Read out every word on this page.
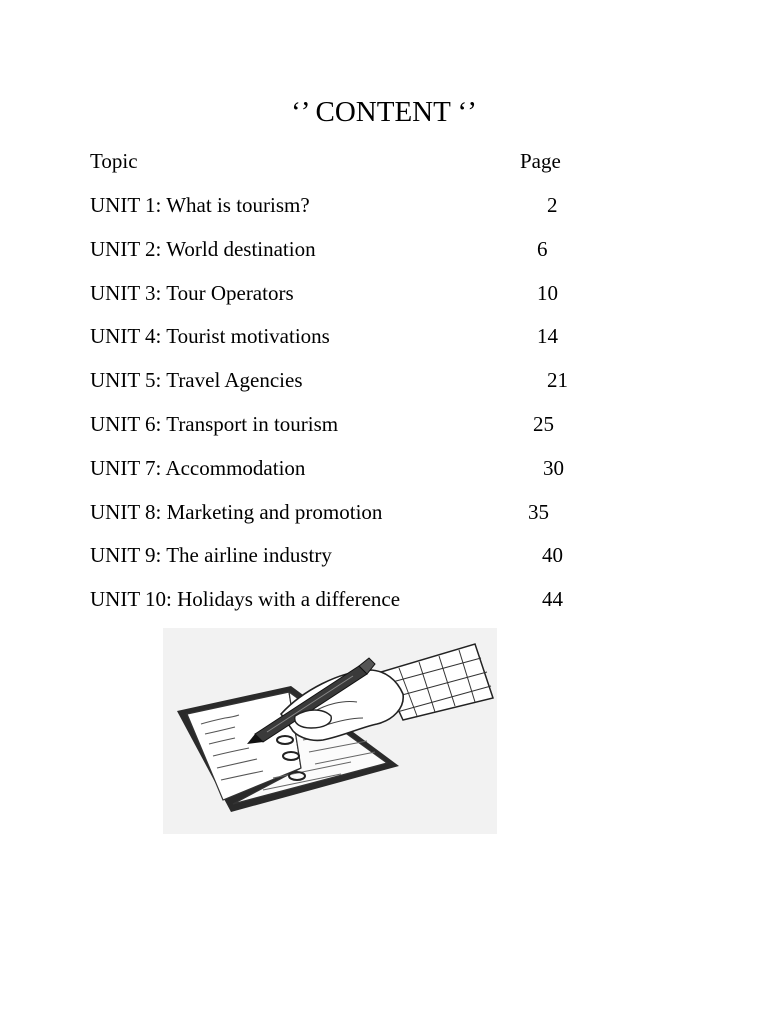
‘’ CONTENT ‘’
Topic	Page
UNIT 1: What is tourism?	2
UNIT 2: World destination	6
UNIT 3: Tour Operators	10
UNIT 4: Tourist motivations	14
UNIT 5: Travel Agencies	21
UNIT 6: Transport in tourism	25
UNIT 7: Accommodation	30
UNIT 8: Marketing and promotion	35
UNIT 9: The airline industry	40
UNIT 10: Holidays with a difference	44
